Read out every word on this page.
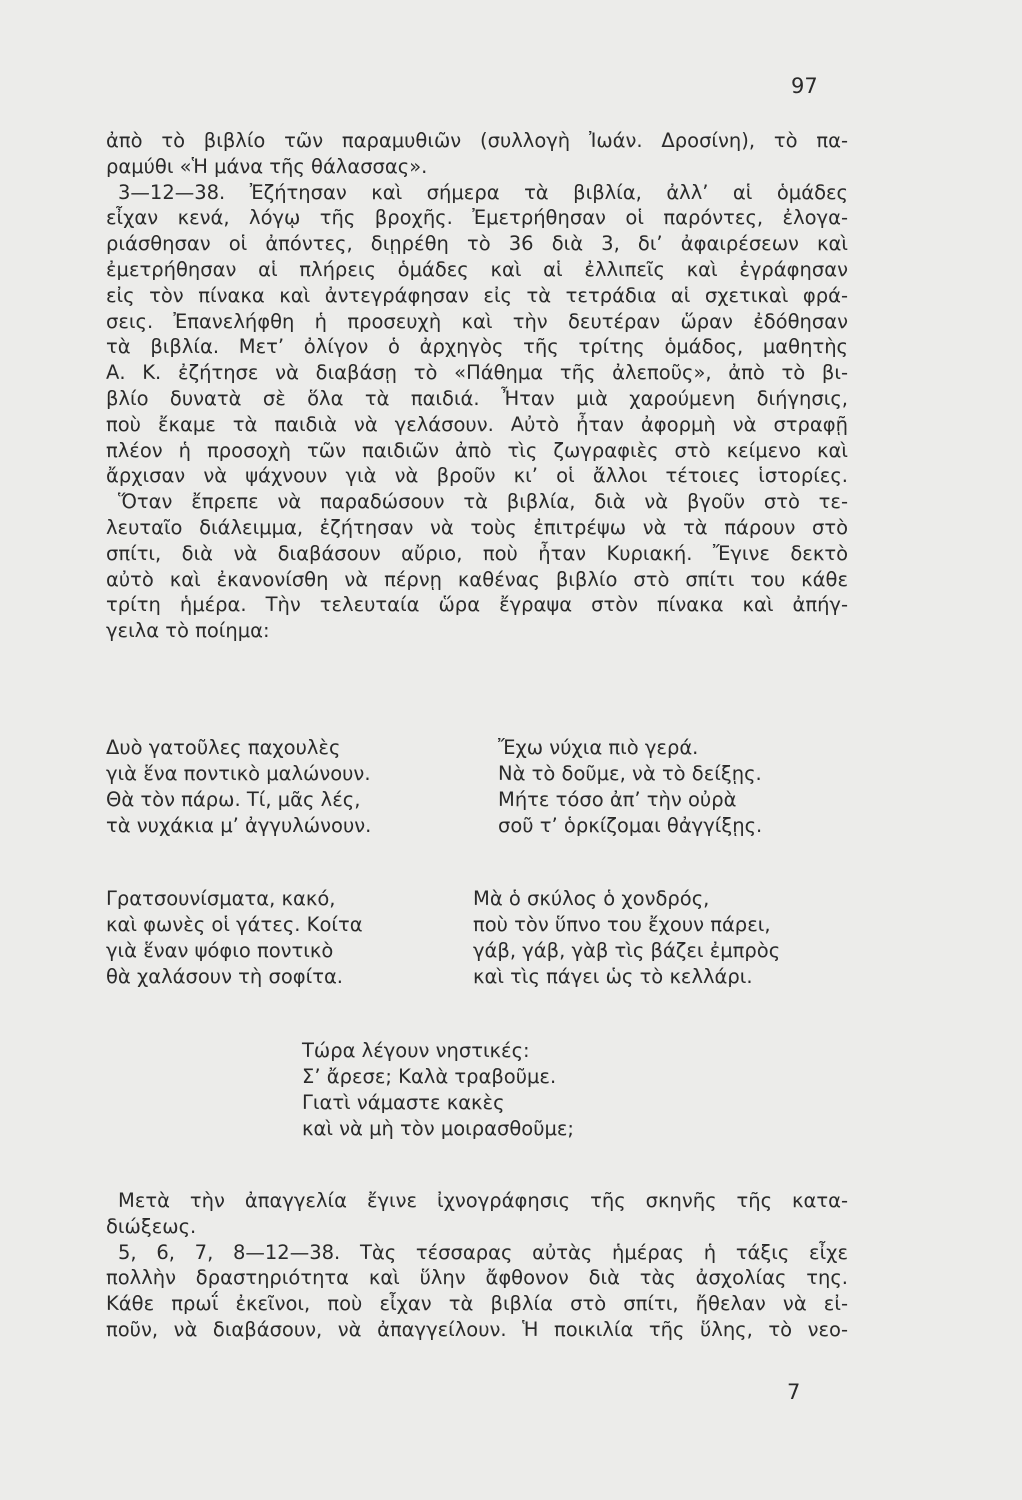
97
ἀπὸ τὸ βιβλίο τῶν παραμυθιῶν (συλλογὴ Ἰωάν. Δροσίνη), τὸ πα-
ραμύθι «Ἡ μάνα τῆς θάλασσας».
3—12—38. Ἐζήτησαν καὶ σήμερα τὰ βιβλία, ἀλλ’ αἱ ὁμάδες
εἶχαν κενά, λόγῳ τῆς βροχῆς. Ἐμετρήθησαν οἱ παρόντες, ἐλογα-
ριάσθησαν οἱ ἀπόντες, διῃρέθη τὸ 36 διὰ 3, δι’ ἀφαιρέσεων καὶ
ἐμετρήθησαν αἱ πλήρεις ὁμάδες καὶ αἱ ἐλλιπεῖς καὶ ἐγράφησαν
εἰς τὸν πίνακα καὶ ἀντεγράφησαν εἰς τὰ τετράδια αἱ σχετικαὶ φρά-
σεις. Ἐπανελήφθη ἡ προσευχὴ καὶ τὴν δευτέραν ὥραν ἐδόθησαν
τὰ βιβλία. Μετ’ ὀλίγον ὁ ἀρχηγὸς τῆς τρίτης ὁμάδος, μαθητὴς
Α. Κ. ἐζήτησε νὰ διαβάσῃ τὸ «Πάθημα τῆς ἀλεποῦς», ἀπὸ τὸ βι-
βλίο δυνατὰ σὲ ὅλα τὰ παιδιά. Ἦταν μιὰ χαρούμενη διήγησις,
ποὺ ἔκαμε τὰ παιδιὰ νὰ γελάσουν. Αὐτὸ ἦταν ἀφορμὴ νὰ στραφῇ
πλέον ἡ προσοχὴ τῶν παιδιῶν ἀπὸ τὶς ζωγραφιὲς στὸ κείμενο καὶ
ἄρχισαν νὰ ψάχνουν γιὰ νὰ βροῦν κι’ οἱ ἄλλοι τέτοιες ἱστορίες.
Ὅταν ἔπρεπε νὰ παραδώσουν τὰ βιβλία, διὰ νὰ βγοῦν στὸ τε-
λευταῖο διάλειμμα, ἐζήτησαν νὰ τοὺς ἐπιτρέψω νὰ τὰ πάρουν στὸ
σπίτι, διὰ νὰ διαβάσουν αὔριο, ποὺ ἦταν Κυριακή. Ἔγινε δεκτὸ
αὐτὸ καὶ ἐκανονίσθη νὰ πέρνῃ καθένας βιβλίο στὸ σπίτι του κάθε
τρίτη ἡμέρα. Τὴν τελευταία ὥρα ἔγραψα στὸν πίνακα καὶ ἀπήγ-
γειλα τὸ ποίημα:
Δυὸ γατοῦλες παχουλὲς
γιὰ ἕνα ποντικὸ μαλώνουν.
Θὰ τὸν πάρω. Τί, μᾶς λές,
τὰ νυχάκια μ’ ἀγγυλώνουν.
Ἔχω νύχια πιὸ γερά.
Νὰ τὸ δοῦμε, νὰ τὸ δείξῃς.
Μήτε τόσο ἀπ’ τὴν οὐρὰ
σοῦ τ’ ὁρκίζομαι θἀγγίξῃς.
Γρατσουνίσματα, κακό,
καὶ φωνὲς οἱ γάτες. Κοίτα
γιὰ ἕναν ψόφιο ποντικὸ
θὰ χαλάσουν τὴ σοφίτα.
Μὰ ὁ σκύλος ὁ χονδρός,
ποὺ τὸν ὕπνο του ἔχουν πάρει,
γάβ, γάβ, γὰβ τὶς βάζει ἐμπρὸς
καὶ τὶς πάγει ὡς τὸ κελλάρι.
Τώρα λέγουν νηστικές:
Σ’ ἄρεσε; Καλὰ τραβοῦμε.
Γιατὶ νάμαστε κακὲς
καὶ νὰ μὴ τὸν μοιρασθοῦμε;
Μετὰ τὴν ἀπαγγελία ἔγινε ἰχνογράφησις τῆς σκηνῆς τῆς κατα-
διώξεως.
5, 6, 7, 8—12—38. Τὰς τέσσαρας αὐτὰς ἡμέρας ἡ τάξις εἶχε
πολλὴν δραστηριότητα καὶ ὕλην ἄφθονον διὰ τὰς ἀσχολίας της.
Κάθε πρωΐ ἐκεῖνοι, ποὺ εἶχαν τὰ βιβλία στὸ σπίτι, ἤθελαν νὰ εἰ-
ποῦν, νὰ διαβάσουν, νὰ ἀπαγγείλουν. Ἡ ποικιλία τῆς ὕλης, τὸ νεο-
7
